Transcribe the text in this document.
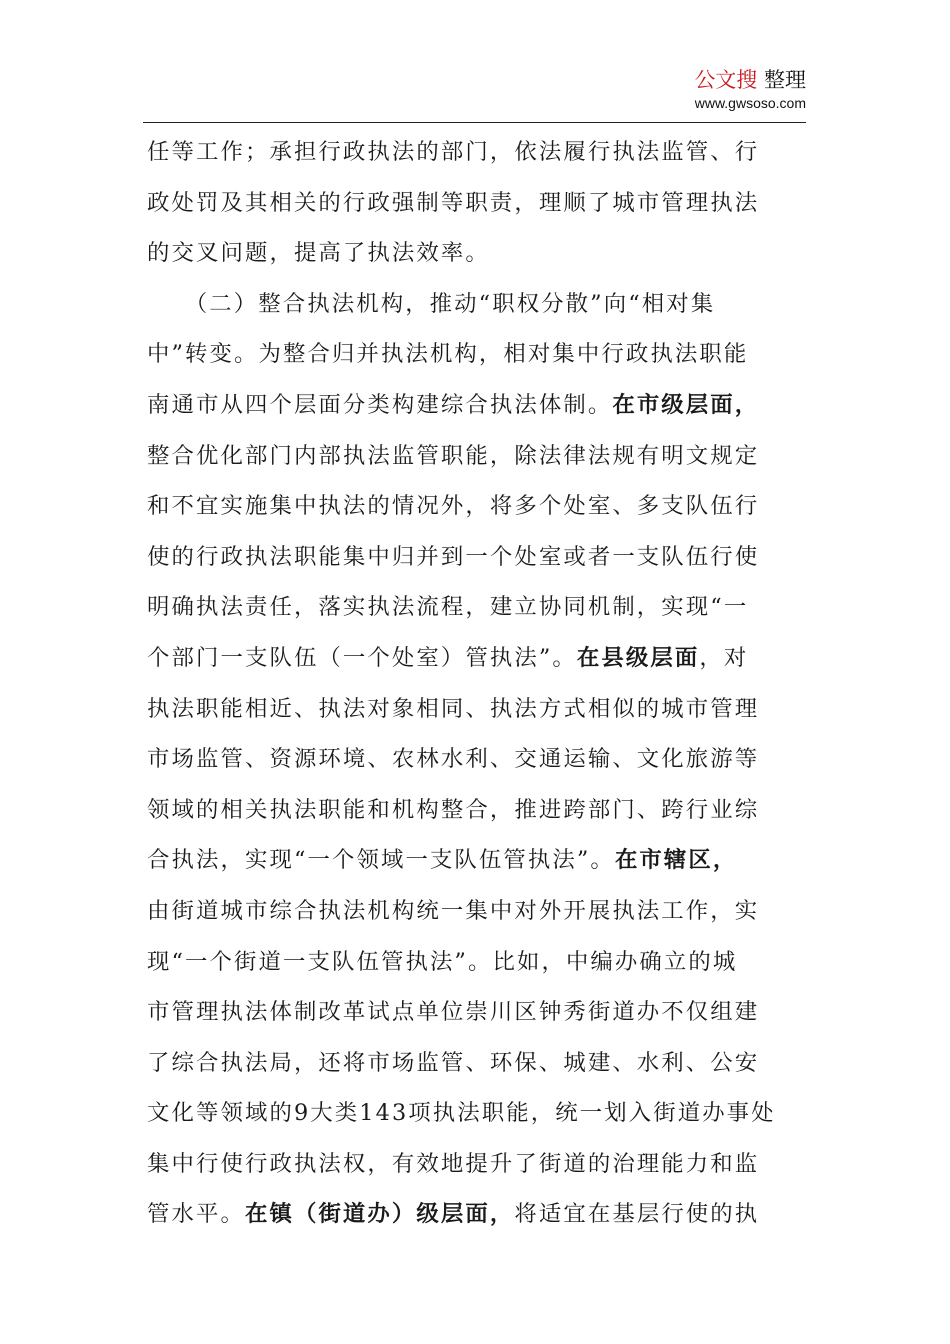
公文搜 整理
www.gwsoso.com
任等工作；承担行政执法的部门，依法履行执法监管、行
政处罚及其相关的行政强制等职责，理顺了城市管理执法
的交叉问题，提高了执法效率。
　　（二）整合执法机构，推动“职权分散”向“相对集
中”转变。为整合归并执法机构，相对集中行政执法职能
南通市从四个层面分类构建综合执法体制。在市级层面，
整合优化部门内部执法监管职能，除法律法规有明文规定
和不宜实施集中执法的情况外，将多个处室、多支队伍行
使的行政执法职能集中归并到一个处室或者一支队伍行使
明确执法责任，落实执法流程，建立协同机制，实现“一
个部门一支队伍（一个处室）管执法”。在县级层面，对
执法职能相近、执法对象相同、执法方式相似的城市管理
市场监管、资源环境、农林水利、交通运输、文化旅游等
领域的相关执法职能和机构整合，推进跨部门、跨行业综
合执法，实现“一个领域一支队伍管执法”。在市辖区，
由街道城市综合执法机构统一集中对外开展执法工作，实
现“一个街道一支队伍管执法”。比如，中编办确立的城
市管理执法体制改革试点单位崇川区钟秀街道办不仅组建
了综合执法局，还将市场监管、环保、城建、水利、公安
文化等领域的9大类143项执法职能，统一划入街道办事处
集中行使行政执法权，有效地提升了街道的治理能力和监
管水平。在镇（街道办）级层面，将适宜在基层行使的执
